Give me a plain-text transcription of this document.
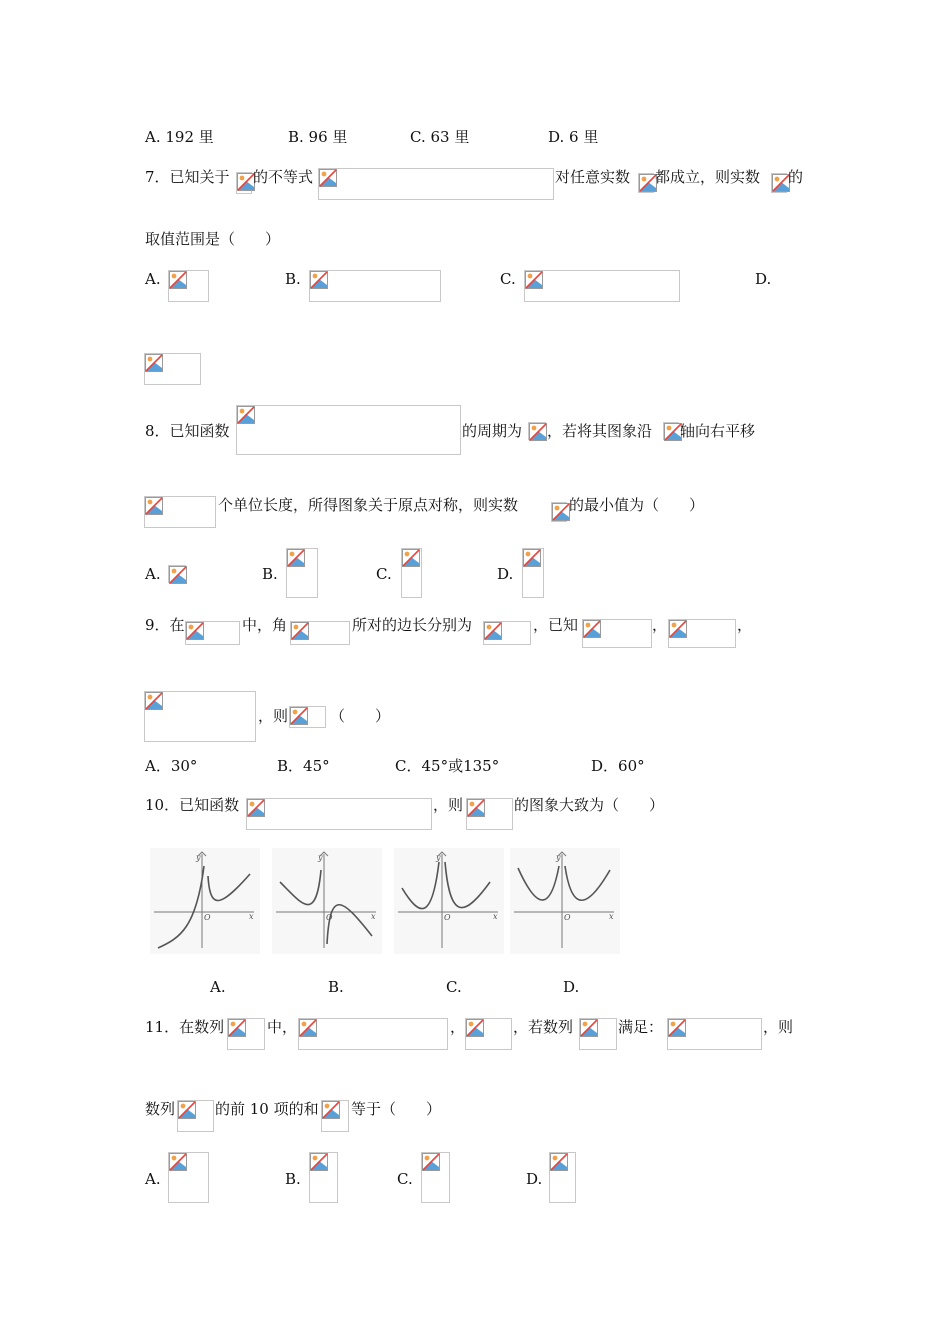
A. 192 里	B. 96 里	C. 63 里	D. 6 里
7．已知关于 的不等式	对任意实数 都成立，则实数 的
取值范围是（　　）
A.	B.	C.	D.
8．已知函数	的周期为 ，若将其图象沿 轴向右平移
个单位长度，所得图象关于原点对称，则实数	的最小值为（　　）
A.	B.	C.	D.
9．在	中，角	所对的边长分别为	，已知	，	，
，则	（　　）
A．30°	B．45°	C．45°或135°	D．60°
10．已知函数	，则	的图象大致为（　　）
y
x
O
y
x
O
y
x
O
y
x
O
A.	B.	C.	D.
11．在数列	中，	，	，若数列	满足：	，则
数列	的前 10 项的和 等于（　　）
A.	B.	C.	D.
